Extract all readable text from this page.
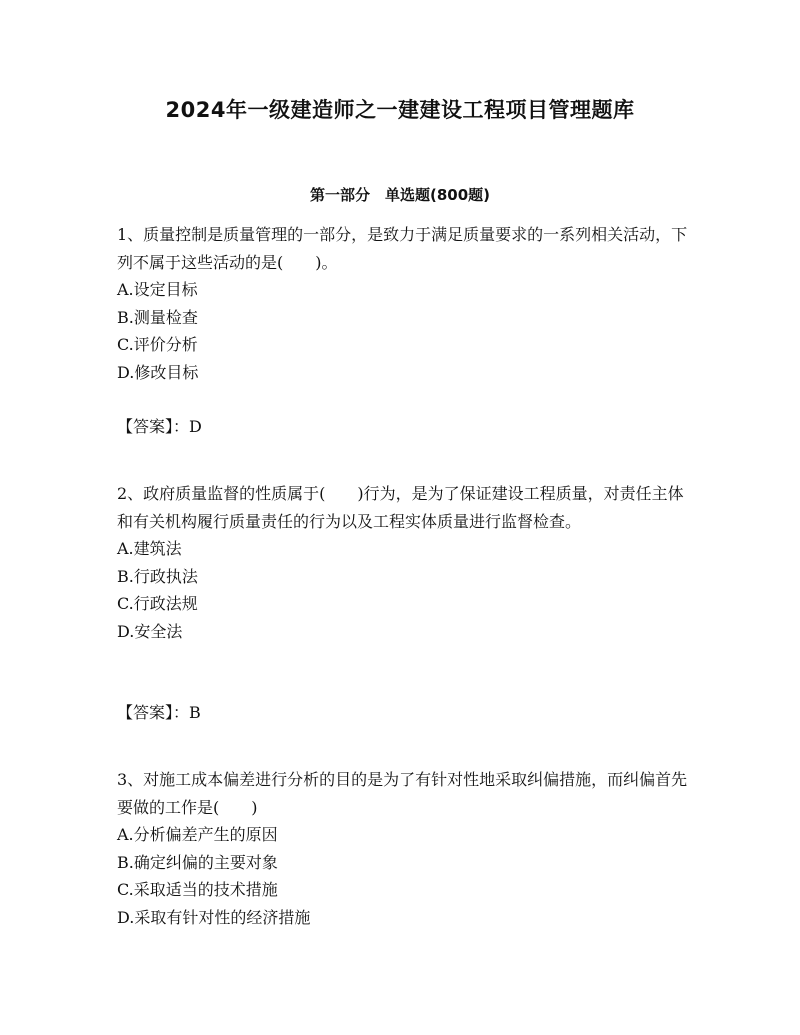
2024年一级建造师之一建建设工程项目管理题库
第一部分　单选题(800题)

1、质量控制是质量管理的一部分，是致力于满足质量要求的一系列相关活动，下列不属于这些活动的是(　　)。

A.设定目标

B.测量检查

C.评价分析

D.修改目标

【答案】：D

2、政府质量监督的性质属于(　　)行为，是为了保证建设工程质量，对责任主体和有关机构履行质量责任的行为以及工程实体质量进行监督检查。

A.建筑法

B.行政执法

C.行政法规

D.安全法

【答案】：B

3、对施工成本偏差进行分析的目的是为了有针对性地采取纠偏措施，而纠偏首先要做的工作是(　　)

A.分析偏差产生的原因

B.确定纠偏的主要对象

C.采取适当的技术措施

D.采取有针对性的经济措施
